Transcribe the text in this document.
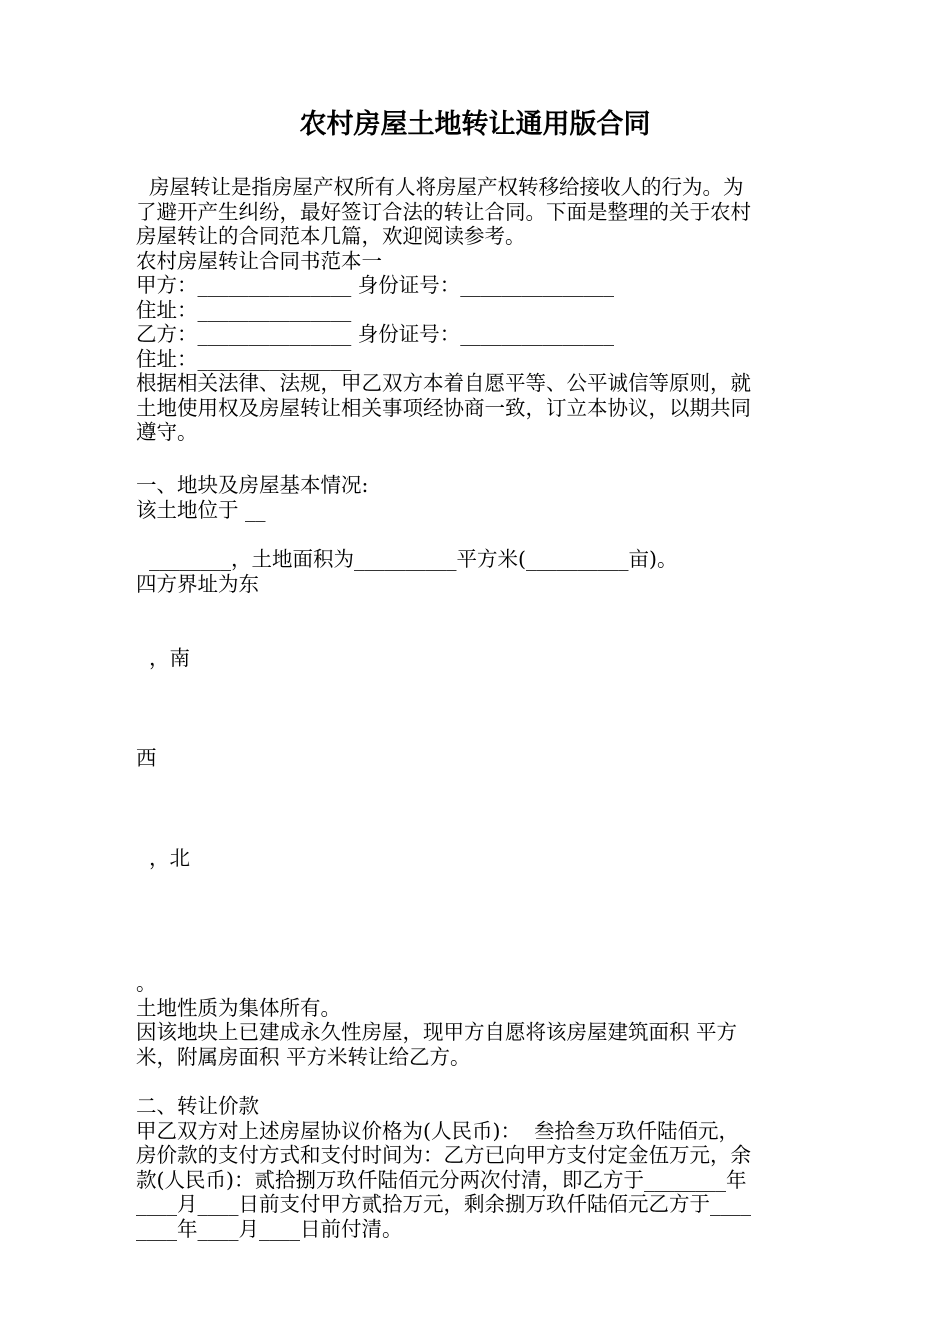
农村房屋土地转让通用版合同
房屋转让是指房屋产权所有人将房屋产权转移给接收人的行为。为
了避开产生纠纷，最好签订合法的转让合同。下面是整理的关于农村
房屋转让的合同范本几篇，欢迎阅读参考。
农村房屋转让合同书范本一
甲方：_______________ 身份证号：_______________
住址：_______________
乙方：_______________ 身份证号：_______________
住址：_______________
根据相关法律、法规，甲乙双方本着自愿平等、公平诚信等原则，就
土地使用权及房屋转让相关事项经协商一致，订立本协议，以期共同
遵守。
一、地块及房屋基本情况:
该土地位于 __
________，土地面积为__________平方米(__________亩)。
四方界址为东
，南
西
，北
。
土地性质为集体所有。
因该地块上已建成永久性房屋，现甲方自愿将该房屋建筑面积 平方
米，附属房面积 平方米转让给乙方。
二、转让价款
甲乙双方对上述房屋协议价格为(人民币)：  叁拾叁万玖仟陆佰元，
房价款的支付方式和支付时间为：乙方已向甲方支付定金伍万元，余
款(人民币)：贰拾捌万玖仟陆佰元分两次付清，即乙方于________年
____月____日前支付甲方贰拾万元，剩余捌万玖仟陆佰元乙方于____
____年____月____日前付清。
